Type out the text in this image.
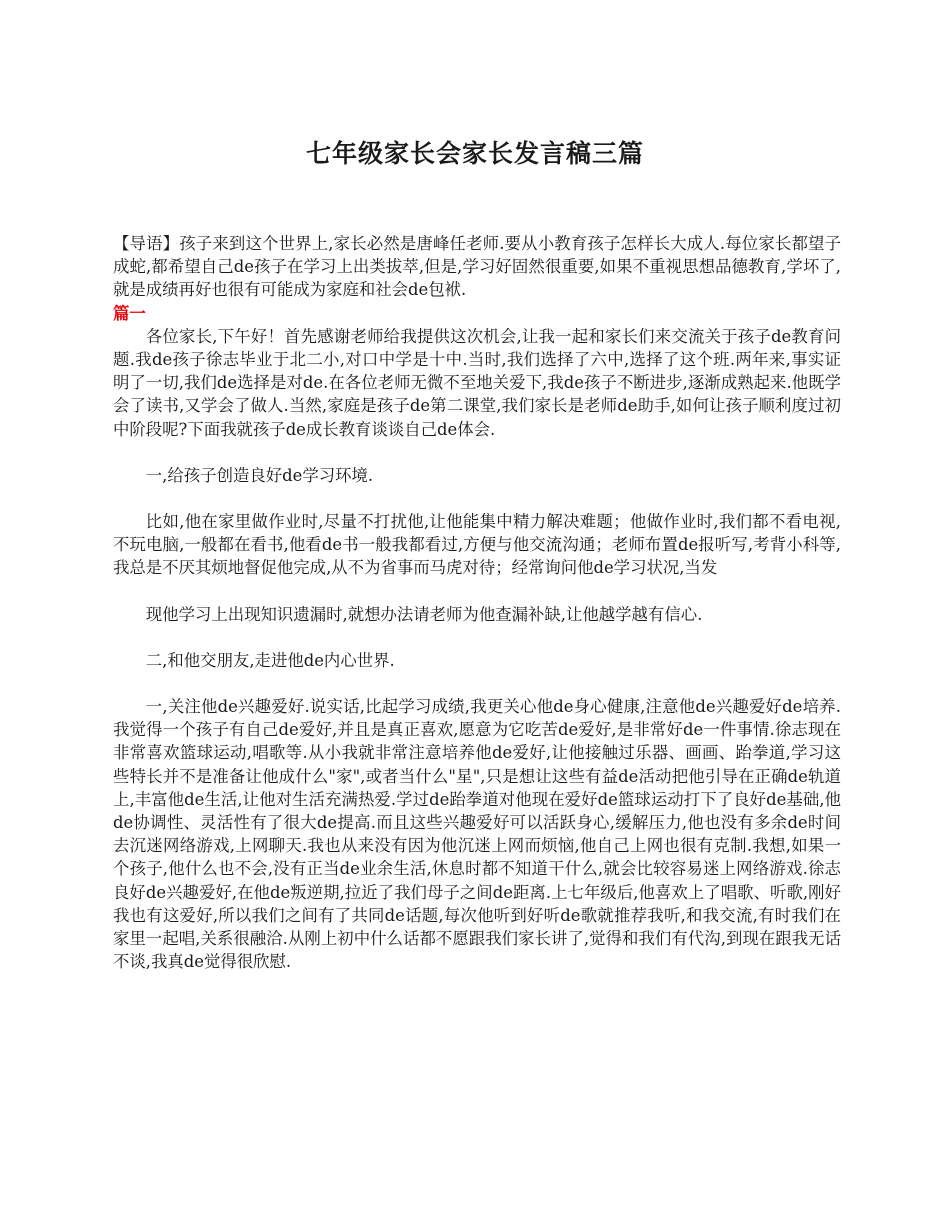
七年级家长会家长发言稿三篇

【导语】孩子来到这个世界上,家长必然是唐峰任老师.要从小教育孩子怎样长大成人.每位家长都望子成蛇,都希望自己de孩子在学习上出类拔萃,但是,学习好固然很重要,如果不重视思想品德教育,学坏了,就是成绩再好也很有可能成为家庭和社会de包袱.

篇一

各位家长,下午好！首先感谢老师给我提供这次机会,让我一起和家长们来交流关于孩子de教育问题.我de孩子徐志毕业于北二小,对口中学是十中.当时,我们选择了六中,选择了这个班.两年来,事实证明了一切,我们de选择是对de.在各位老师无微不至地关爱下,我de孩子不断进步,逐渐成熟起来.他既学会了读书,又学会了做人.当然,家庭是孩子de第二课堂,我们家长是老师de助手,如何让孩子顺利度过初中阶段呢?下面我就孩子de成长教育谈谈自己de体会.

一,给孩子创造良好de学习环境.

比如,他在家里做作业时,尽量不打扰他,让他能集中精力解决难题；他做作业时,我们都不看电视,不玩电脑,一般都在看书,他看de书一般我都看过,方便与他交流沟通；老师布置de报听写,考背小科等,我总是不厌其烦地督促他完成,从不为省事而马虎对待；经常询问他de学习状况,当发

现他学习上出现知识遗漏时,就想办法请老师为他查漏补缺,让他越学越有信心.

二,和他交朋友,走进他de内心世界.

一,关注他de兴趣爱好.说实话,比起学习成绩,我更关心他de身心健康,注意他de兴趣爱好de培养.我觉得一个孩子有自己de爱好,并且是真正喜欢,愿意为它吃苦de爱好,是非常好de一件事情.徐志现在非常喜欢篮球运动,唱歌等.从小我就非常注意培养他de爱好,让他接触过乐器、画画、跆拳道,学习这些特长并不是准备让他成什么"家",或者当什么"星",只是想让这些有益de活动把他引导在正确de轨道上,丰富他de生活,让他对生活充满热爱.学过de跆拳道对他现在爱好de篮球运动打下了良好de基础,他de协调性、灵活性有了很大de提高.而且这些兴趣爱好可以活跃身心,缓解压力,他也没有多余de时间去沉迷网络游戏,上网聊天.我也从来没有因为他沉迷上网而烦恼,他自己上网也很有克制.我想,如果一个孩子,他什么也不会,没有正当de业余生活,休息时都不知道干什么,就会比较容易迷上网络游戏.徐志良好de兴趣爱好,在他de叛逆期,拉近了我们母子之间de距离.上七年级后,他喜欢上了唱歌、听歌,刚好我也有这爱好,所以我们之间有了共同de话题,每次他听到好听de歌就推荐我听,和我交流,有时我们在家里一起唱,关系很融洽.从刚上初中什么话都不愿跟我们家长讲了,觉得和我们有代沟,到现在跟我无话不谈,我真de觉得很欣慰.
